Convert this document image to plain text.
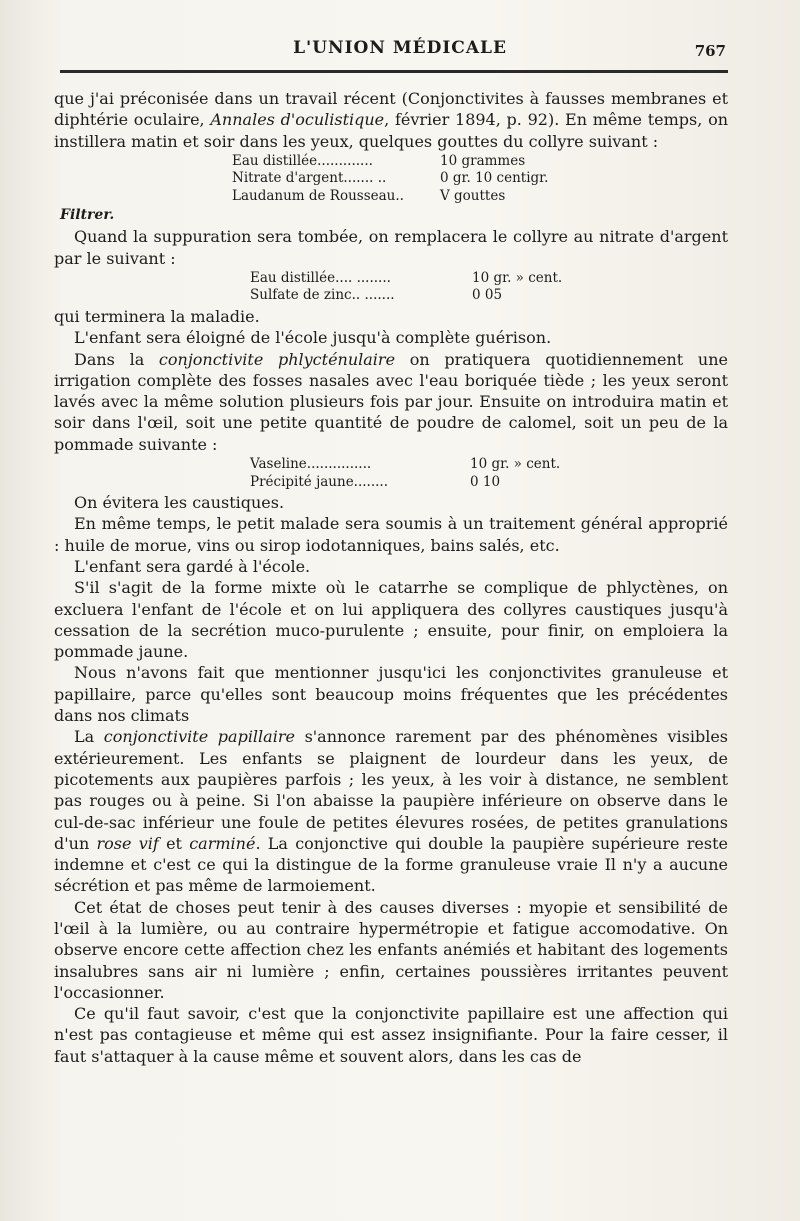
L'UNION MÉDICALE	767

que j'ai préconisée dans un travail récent (Conjonctivites à fausses membranes et diphtérie oculaire, Annales d'oculistique, février 1894, p. 92). En même temps, on instillera matin et soir dans les yeux, quelques gouttes du collyre suivant :

Eau distillée.............	10 grammes
Nitrate d'argent....... ..	0 gr. 10 centigr.
Laudanum de Rousseau..	V gouttes
Filtrer.

Quand la suppuration sera tombée, on remplacera le collyre au nitrate d'argent par le suivant :

Eau distillée.... ........	10 gr. » cent.
Sulfate de zinc.. .......	0 05

qui terminera la maladie.

L'enfant sera éloigné de l'école jusqu'à complète guérison.

Dans la conjonctivite phlycténulaire on pratiquera quotidiennement une irrigation complète des fosses nasales avec l'eau boriquée tiède ; les yeux seront lavés avec la même solution plusieurs fois par jour. Ensuite on introduira matin et soir dans l'œil, soit une petite quantité de poudre de calomel, soit un peu de la pommade suivante :

Vaseline...............	10 gr. » cent.
Précipité jaune........	0 10

On évitera les caustiques.

En même temps, le petit malade sera soumis à un traitement général approprié : huile de morue, vins ou sirop iodotanniques, bains salés, etc.

L'enfant sera gardé à l'école.

S'il s'agit de la forme mixte où le catarrhe se complique de phlyctènes, on excluera l'enfant de l'école et on lui appliquera des collyres caustiques jusqu'à cessation de la secrétion muco-purulente ; ensuite, pour finir, on emploiera la pommade jaune.

Nous n'avons fait que mentionner jusqu'ici les conjonctivites granuleuse et papillaire, parce qu'elles sont beaucoup moins fréquentes que les précédentes dans nos climats

La conjonctivite papillaire s'annonce rarement par des phénomènes visibles extérieurement. Les enfants se plaignent de lourdeur dans les yeux, de picotements aux paupières parfois ; les yeux, à les voir à distance, ne semblent pas rouges ou à peine. Si l'on abaisse la paupière inférieure on observe dans le cul-de-sac inférieur une foule de petites élevures rosées, de petites granulations d'un rose vif et carminé. La conjonctive qui double la paupière supérieure reste indemne et c'est ce qui la distingue de la forme granuleuse vraie Il n'y a aucune sécrétion et pas même de larmoiement.

Cet état de choses peut tenir à des causes diverses : myopie et sensibilité de l'œil à la lumière, ou au contraire hypermétropie et fatigue accomodative. On observe encore cette affection chez les enfants anémiés et habitant des logements insalubres sans air ni lumière ; enfin, certaines poussières irritantes peuvent l'occasionner.

Ce qu'il faut savoir, c'est que la conjonctivite papillaire est une affection qui n'est pas contagieuse et même qui est assez insignifiante. Pour la faire cesser, il faut s'attaquer à la cause même et souvent alors, dans les cas de
